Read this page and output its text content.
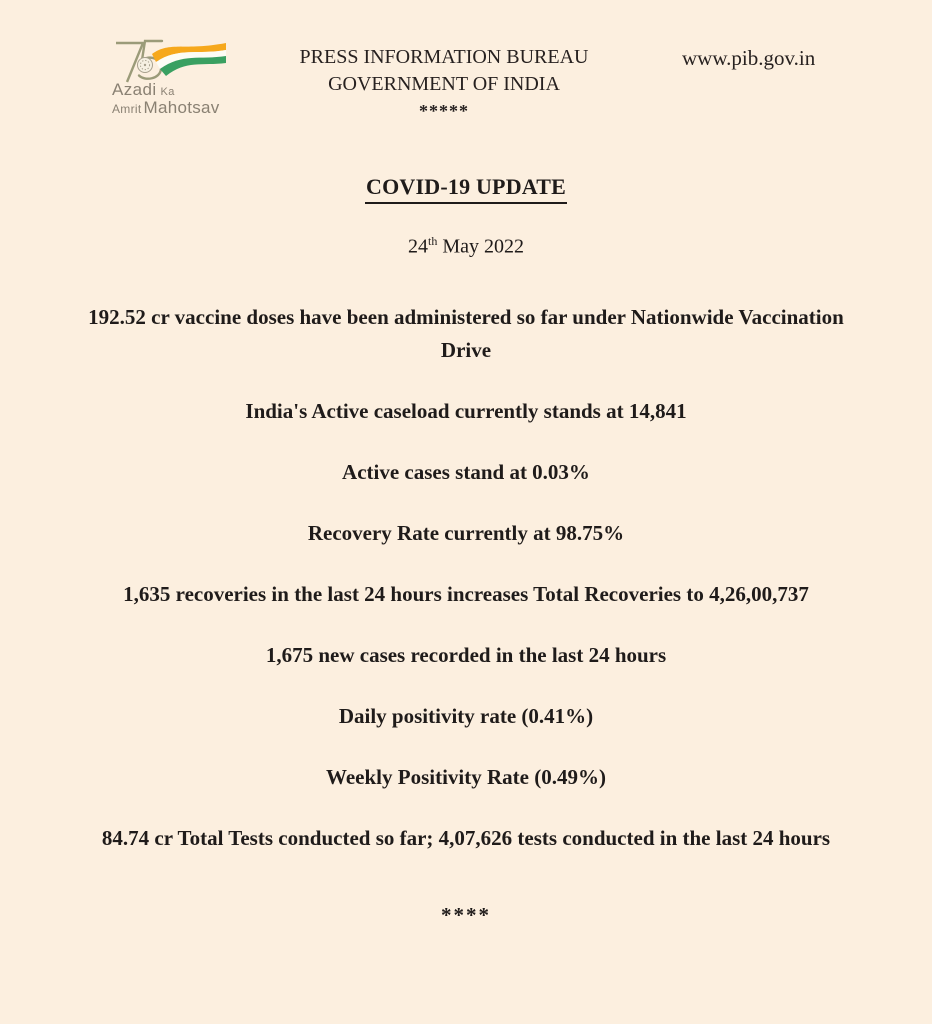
Azadi Ka
Amrit Mahotsav
PRESS INFORMATION BUREAU
GOVERNMENT OF INDIA
*****
www.pib.gov.in
COVID-19 UPDATE
24th May 2022

192.52 cr vaccine doses have been administered so far under Nationwide Vaccination Drive

India's Active caseload currently stands at 14,841

Active cases stand at 0.03%

Recovery Rate currently at 98.75%

1,635 recoveries in the last 24 hours increases Total Recoveries to 4,26,00,737

1,675 new cases recorded in the last 24 hours

Daily positivity rate (0.41%)

Weekly Positivity Rate (0.49%)

84.74 cr Total Tests conducted so far; 4,07,626 tests conducted in the last 24 hours

****
